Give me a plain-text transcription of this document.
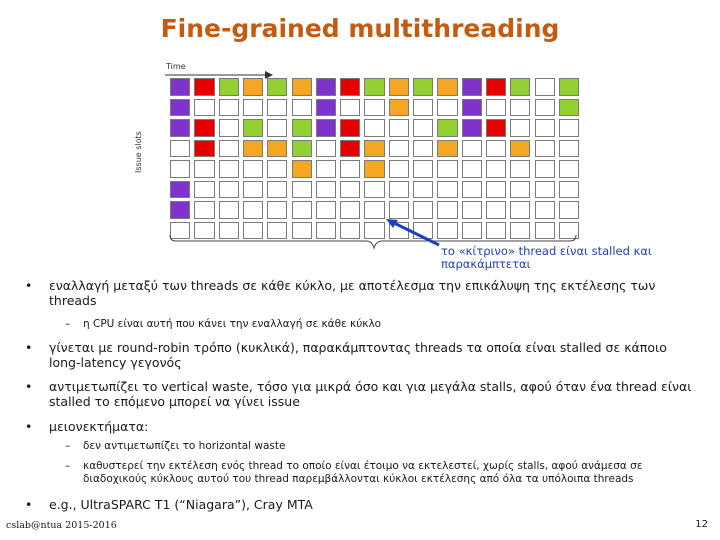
Fine-grained multithreading
Time
Issue slots
το «κίτρινο» thread είναι stalled και παρακάμπτεται
• εναλλαγή μεταξύ των threads σε κάθε κύκλο, με αποτέλεσμα την επικάλυψη της εκτέλεσης των
threads
– η CPU είναι αυτή που κάνει την εναλλαγή σε κάθε κύκλο
• γίνεται με round-robin τρόπο (κυκλικά), παρακάμπτοντας threads τα οποία είναι stalled σε κάποιο
long-latency γεγονός
• αντιμετωπίζει το vertical waste, τόσο για μικρά όσο και για μεγάλα stalls, αφού όταν ένα thread είναι
stalled το επόμενο μπορεί να γίνει issue
• μειονεκτήματα:
– δεν αντιμετωπίζει το horizontal waste
– καθυστερεί την εκτέλεση ενός thread το οποίο είναι έτοιμο να εκτελεστεί, χωρίς stalls, αφού ανάμεσα σε
διαδοχικούς κύκλους αυτού του thread παρεμβάλλονται κύκλοι εκτέλεσης από όλα τα υπόλοιπα threads
• e.g., UltraSPARC T1 (“Niagara”), Cray MTA
cslab@ntua 2015-2016	12
